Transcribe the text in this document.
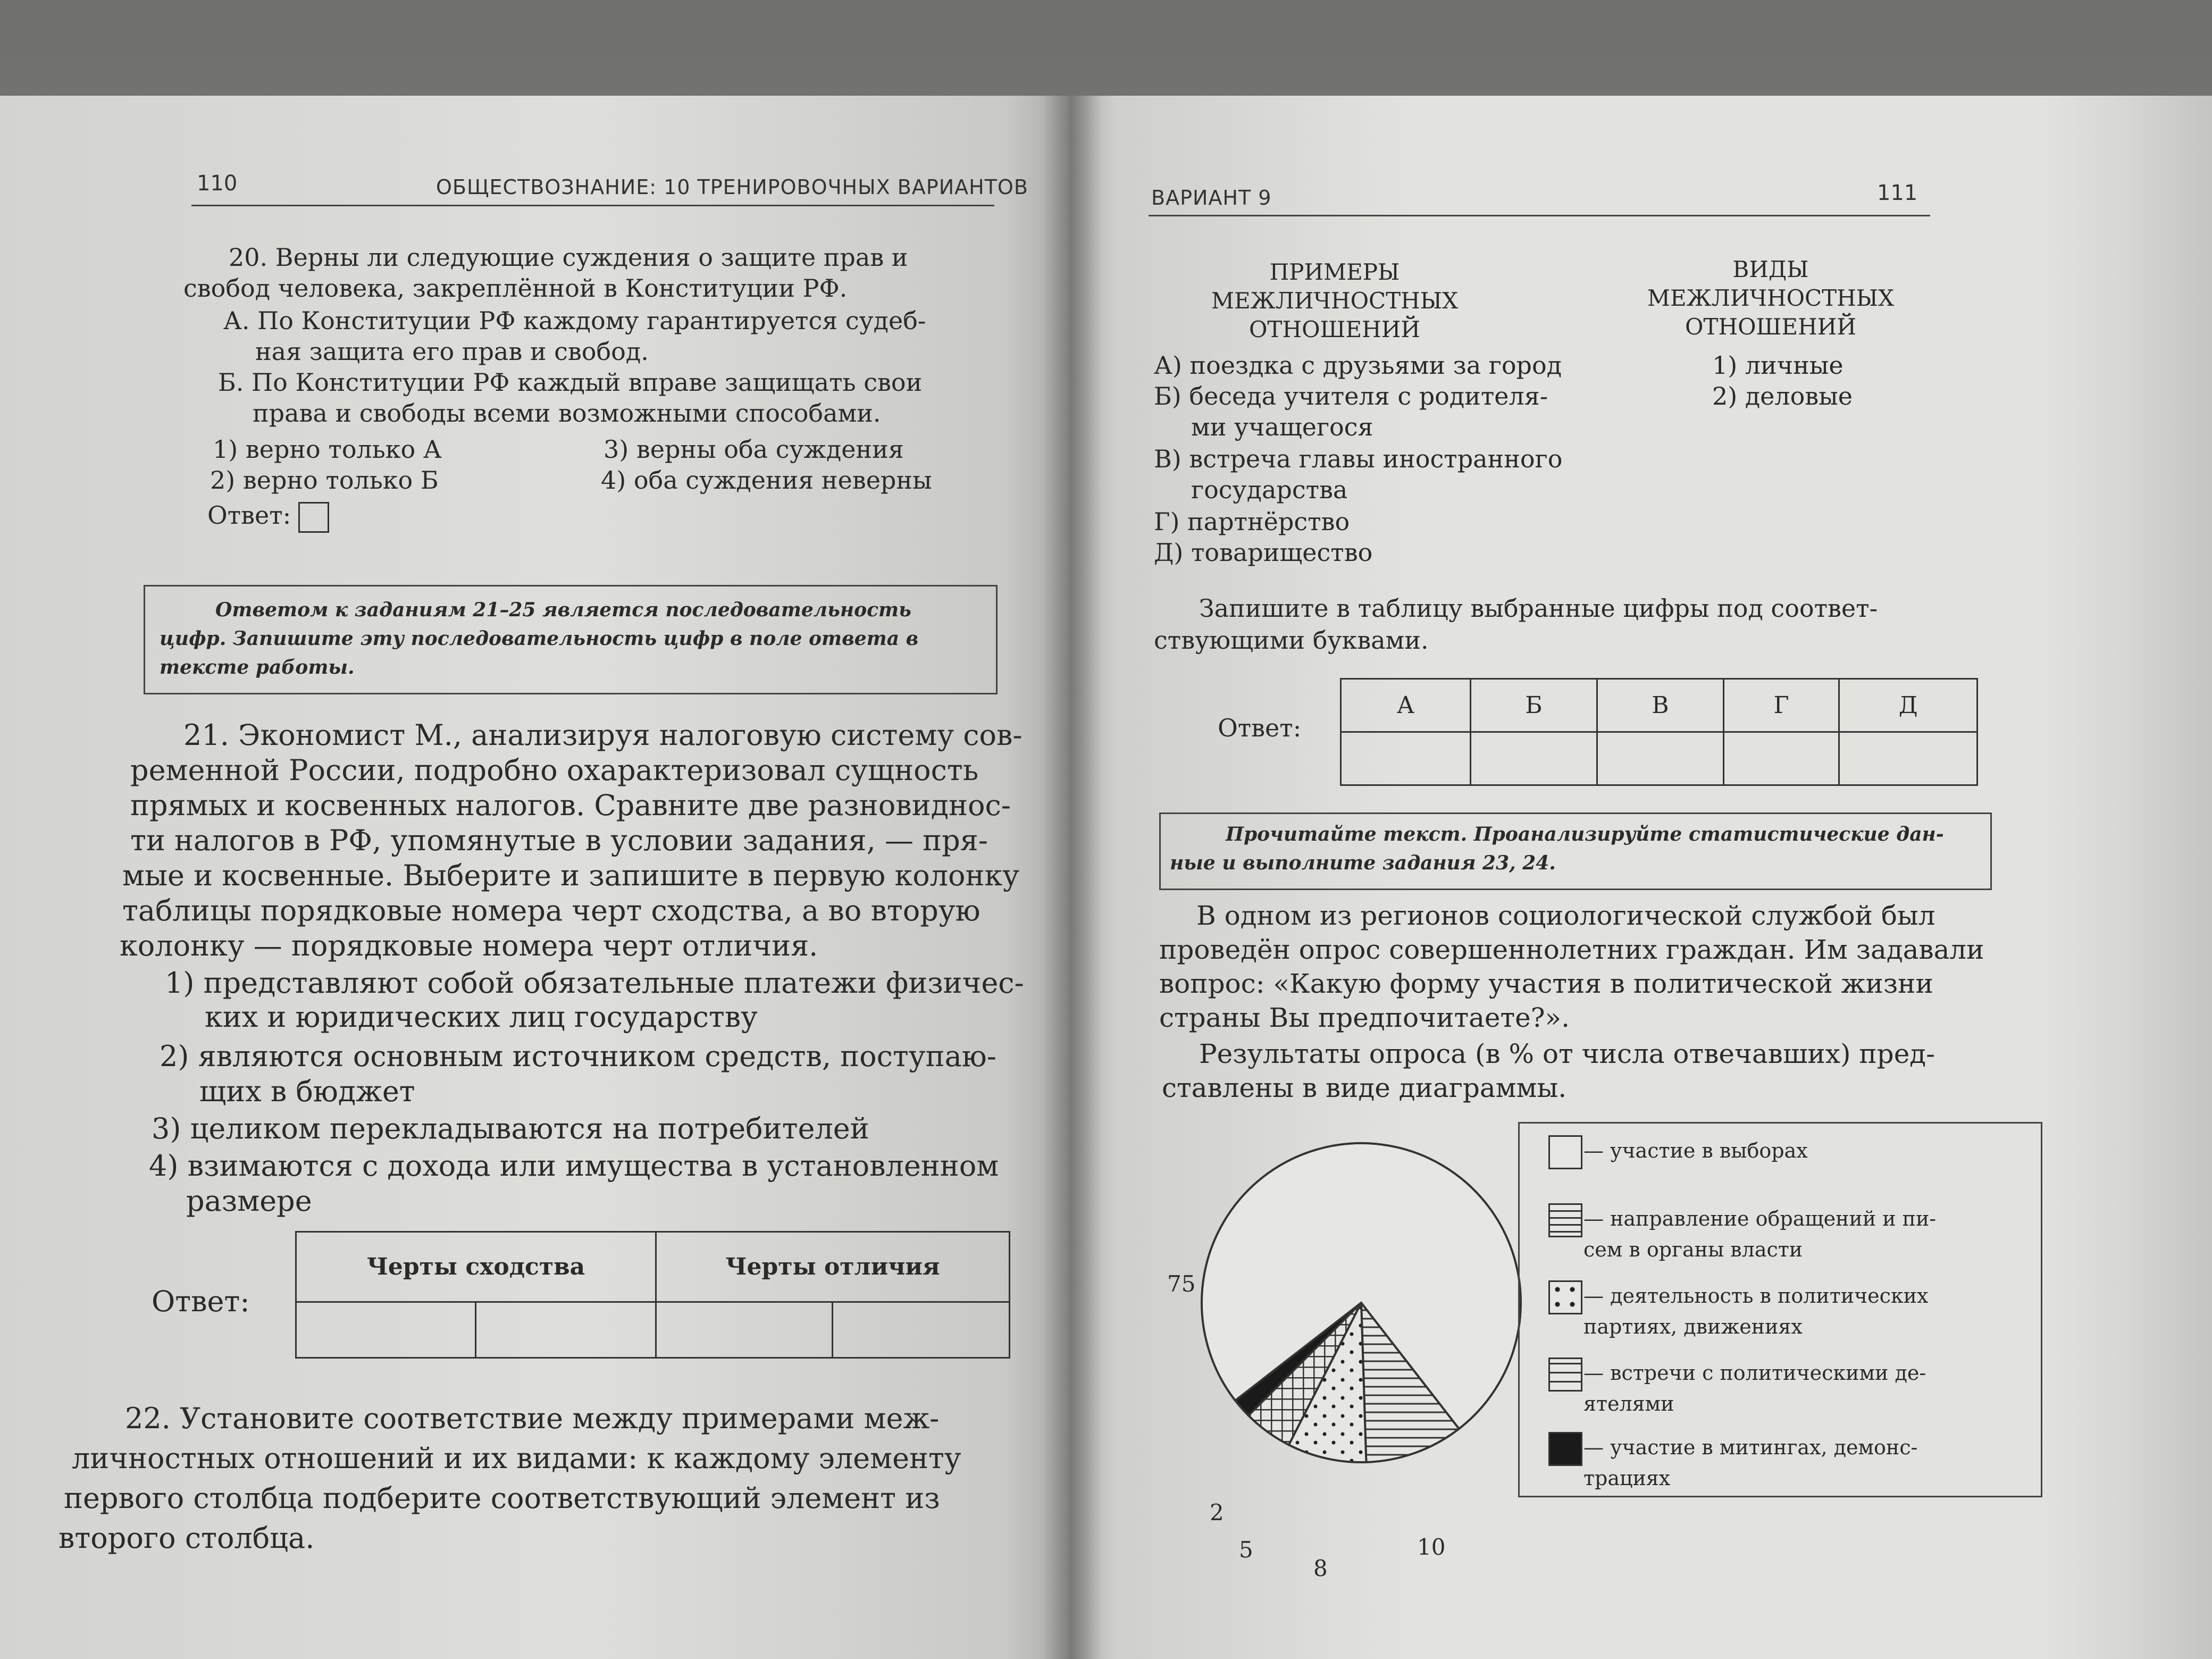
110	ОБЩЕСТВОЗНАНИЕ: 10 ТРЕНИРОВОЧНЫХ ВАРИАНТОВ
20. Верны ли следующие суждения о защите прав и
свобод человека, закреплённой в Конституции РФ.
А. По Конституции РФ каждому гарантируется судеб-
ная защита его прав и свобод.
Б. По Конституции РФ каждый вправе защищать свои
права и свободы всеми возможными способами.
1) верно только А	3) верны оба суждения
2) верно только Б	4) оба суждения неверны
Ответ:
Ответом к заданиям 21–25 является последовательность
цифр. Запишите эту последовательность цифр в поле ответа в
тексте работы.
21. Экономист М., анализируя налоговую систему сов-
ременной России, подробно охарактеризовал сущность
прямых и косвенных налогов. Сравните две разновиднос-
ти налогов в РФ, упомянутые в условии задания, — пря-
мые и косвенные. Выберите и запишите в первую колонку
таблицы порядковые номера черт сходства, а во вторую
колонку — порядковые номера черт отличия.
1) представляют собой обязательные платежи физичес-
ких и юридических лиц государству
2) являются основным источником средств, поступаю-
щих в бюджет
3) целиком перекладываются на потребителей
4) взимаются с дохода или имущества в установленном
размере
Ответ:
Черты сходства		Черты отличия	

22. Установите соответствие между примерами меж-
личностных отношений и их видами: к каждому элементу
первого столбца подберите соответствующий элемент из
второго столбца.
ВАРИАНТ 9	111
ПРИМЕРЫ
МЕЖЛИЧНОСТНЫХ
ОТНОШЕНИЙ
ВИДЫ
МЕЖЛИЧНОСТНЫХ
ОТНОШЕНИЙ
А) поездка с друзьями за город
Б) беседа учителя с родителя-
ми учащегося
В) встреча главы иностранного
государства
Г) партнёрство
Д) товарищество
1) личные
2) деловые
Запишите в таблицу выбранные цифры под соответ-
ствующими буквами.
Ответ:
А	Б	В	Г	Д

Прочитайте текст. Проанализируйте статистические дан-
ные и выполните задания 23, 24.
В одном из регионов социологической службой был
проведён опрос совершеннолетних граждан. Им задавали
вопрос: «Какую форму участия в политической жизни
страны Вы предпочитаете?».
Результаты опроса (в % от числа отвечавших) пред-
ставлены в виде диаграммы.
75
2
5
8
10
— участие в выборах
— направление обращений и пи-
сем в органы власти
— деятельность в политических
партиях, движениях
— встречи с политическими де-
ятелями
— участие в митингах, демонс-
трациях
